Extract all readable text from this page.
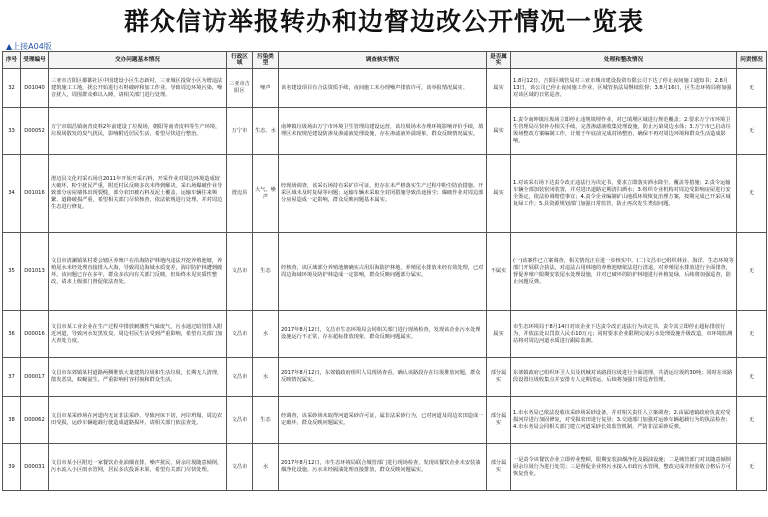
群众信访举报转办和边督边改公开情况一览表
▲上接A04版
序号	受理编号	交办问题基本情况	行政区域	污染类型	调查核实情况	是否属实	处理和整改情况	问责情况
32	D01040	三亚市吉阳区都都社区中国建设小区生态新村，三亚城区投资小区为增违法建筑施工工地，扰公开始进行石料破碎和加工作业，导致周边环境污染，噪音扰人，周围群众难以入睡，请相关部门进行处理。	三亚市吉阳区	噪声	该名建设项目有合法资质手续，夜间施工未办理噪声排放许可，该举报情况属实。	属实	1.8月12日，吉阳区城管局对三亚市城市建设投资有限公司下达了停止夜间施工通知书；2.8月13日，该公司已停止夜间施工作业，区城管执法局继续监督；3.8月16日，区生态环境局将加强对该区域的日常巡查。	无
33	D00052	万宁市瑞昌镇南青皮料2年前建设了垃圾场，朝阳等南青皮料等生产环境，垃圾场散发的臭气扰民，影响附近居民生活，希望尽快进行整治。	万宁市	生态、水	南坤镇垃圾场由万宁市环境卫生管理局建设运营，该垃圾场未办理环境影响评价手续，填埋区未按规范建设防渗及渗滤液处理设施，存在渗滤液外溢现象，群众反映情况属实。	属实	1.责令南坤镇垃圾场立即停止违规填埋作业，对已填埋区域进行规范覆盖；2.要求万宁市环境卫生管理局尽快补办相关手续，完善渗滤液收集处理设施，防止污染周边水体；3.万宁市已启动垃圾场整改方案编制工作，计划于年底前完成封场整治，确保不再对周边环境和群众生活造成影响。	无
34	D01016	澄迈县文化村采石场自2011年开始开采石料，开采作业对周边环境造成较大破坏，粉尘扰民严重，附近村民反映多次未得到解决。采石场爆破作业导致部分房屋墙体出现裂缝，部分农田被石料及泥土覆盖，运输车辆往来频繁、道路破损严重，希望相关部门尽快核查，依法依规进行处理，并对周边生态进行修复。	澄迈县	大气、噪声	经现场调查，该采石场持有采矿许可证，但存在未严格落实生产过程中粉尘防治措施、开采区域未及时复绿等问题；运输车辆未采取全封闭措施导致沿途扬尘；爆破作业对周边部分房屋造成一定影响，群众反映问题基本属实。	属实	1.对该采石场下达责令改正违法行为决定书，要求立即落实洒水降尘、覆盖等措施；2.责令运输车辆全部加装密闭装置，并对进出道路定期清扫洒水；3.组织专业机构对周边受影响房屋进行安全鉴定，依法协调赔偿事宜；4.责令企业编制矿山地质环境恢复治理方案，按期完成已开采区域复绿工作；5.县资源规划部门加强日常监管，防止再次发生类似问题。	无
35	D01013	文昌市清澜镇某村委会辖区养殖户在沿海防护林地内违法开挖养殖池塘，养殖尾水未经处理直接排入大海，导致周边海域水质变差，海岸防护林遭到破坏。该问题已存在多年，群众多次向有关部门反映，但始终未见实质性整改，请求上级部门督促依法查处。	文昌市	生态	经核查，该区域部分养殖池塘确实占用沿海防护林地，养殖尾水排放未经有效处理，已对周边海域环境及防护林造成一定影响，群众反映问题部分属实。	不属实	(一)该案件已立案调查，相关情况正在进一步核实中。(二)文昌市已组织林业、海洋、生态环境等部门开展联合执法，对违法占用林地的养殖池塘依法进行清退，对养殖尾水排放进行全面排查，督促养殖户限期安装尾水处理设施，并对已破坏的防护林地进行补植复绿，后续将加强巡查，防止问题反弹。	无
36	D00016	文昌市某工业企业在生产过程中排放刺激性气味废气，污水通过暗管排入附近河道，导致河水发黑发臭，周边村民生活受到严重影响，希望有关部门加大查处力度。	文昌市	水	2017年8月12日，文昌市生态环境局会同相关部门进行现场检查，发现该企业污水处理设施运行不正常，存在超标排放现象，群众反映问题属实。	属实	市生态环境局于8月14日对该企业下达责令改正违法行为决定书，责令其立即停止超标排放行为，并依法处以罚款人民币10万元；同时要求企业限期完成污水处理设施升级改造，市环境监测站将对周边河道水质进行跟踪监测。	无
37	D00017	文昌市东郊镇某村道路两侧堆放大量建筑垃圾和生活垃圾，长期无人清理，散发恶臭，蚊蝇滋生，严重影响村容村貌和群众生活。	文昌市	水	2017年8月12日，东郊镇政府组织人员现场查看，确认该路段存在垃圾堆放问题，群众反映情况属实。	部分属实	东郊镇政府已组织环卫人员及机械对该路段垃圾进行全面清理，共清运垃圾约30吨；同时在该路段设置垃圾收集点并安排专人定期清运，后续将加强日常巡查管理。	无
38	D00062	文昌市某采砂场在河道内无证非法采砂，导致河床下切，河岸坍塌，周边农田受损，运砂车辆超载行驶造成道路损坏，请相关部门依法查处。	文昌市	生态	经调查，该采砂场未取得河道采砂许可证，属非法采砂行为，已对河道及周边农田造成一定破坏，群众反映问题属实。	部分属实	1.市水务局已依法没收该采砂场采砂设备，并对相关责任人立案调查；2.由属地镇政府负责对受损河岸进行加固修复，对受损农田进行复垦；3.交通部门加强对运砂车辆超载行为的执法检查；4.市水务局会同相关部门建立河道采砂长效监管机制，严防非法采砂反弹。	无
39	D00031	文昌市某小区附近一家餐饮企业油烟直排，噪声扰民，厨余垃圾随意倾倒，污水流入小区雨水管网，居民多次投诉未果，希望有关部门尽快处理。	文昌市	水	2017年8月12日，市生态环境局联合城管部门进行现场检查，发现该餐饮企业未安装油烟净化设施，污水未经隔油处理直接排放，群众反映问题属实。	部分属实	一是责令该餐饮企业立即停业整顿，限期安装油烟净化及隔油设施；二是城管部门对其随意倾倒厨余垃圾行为进行处罚；三是督促企业将污水接入市政污水管网，整改完成并经验收合格后方可恢复营业。	无
